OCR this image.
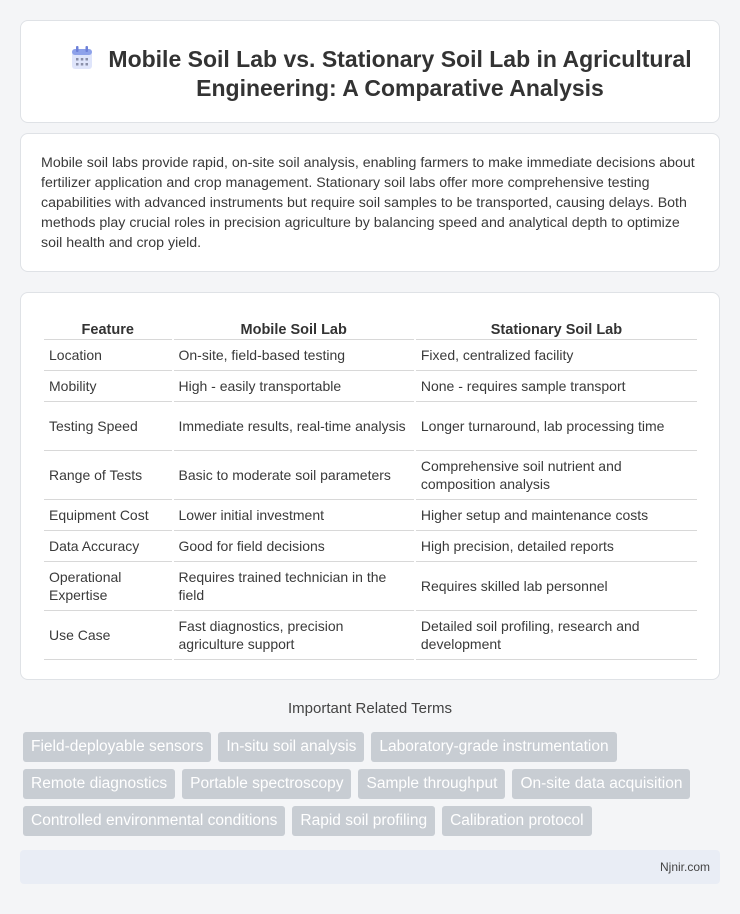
Mobile Soil Lab vs. Stationary Soil Lab in Agricultural Engineering: A Comparative Analysis

Mobile soil labs provide rapid, on-site soil analysis, enabling farmers to make immediate decisions about fertilizer application and crop management. Stationary soil labs offer more comprehensive testing capabilities with advanced instruments but require soil samples to be transported, causing delays. Both methods play crucial roles in precision agriculture by balancing speed and analytical depth to optimize soil health and crop yield.

Feature	Mobile Soil Lab	Stationary Soil Lab
Location	On-site, field-based testing	Fixed, centralized facility
Mobility	High - easily transportable	None - requires sample transport
Testing Speed	Immediate results, real-time analysis	Longer turnaround, lab processing time
Range of Tests	Basic to moderate soil parameters	Comprehensive soil nutrient and composition analysis
Equipment Cost	Lower initial investment	Higher setup and maintenance costs
Data Accuracy	Good for field decisions	High precision, detailed reports
Operational Expertise	Requires trained technician in the field	Requires skilled lab personnel
Use Case	Fast diagnostics, precision agriculture support	Detailed soil profiling, research and development
Important Related Terms
Field-deployable sensors	In-situ soil analysis	Laboratory-grade instrumentation
Remote diagnostics	Portable spectroscopy	Sample throughput	On-site data acquisition
Controlled environmental conditions	Rapid soil profiling	Calibration protocol
Njnir.com
